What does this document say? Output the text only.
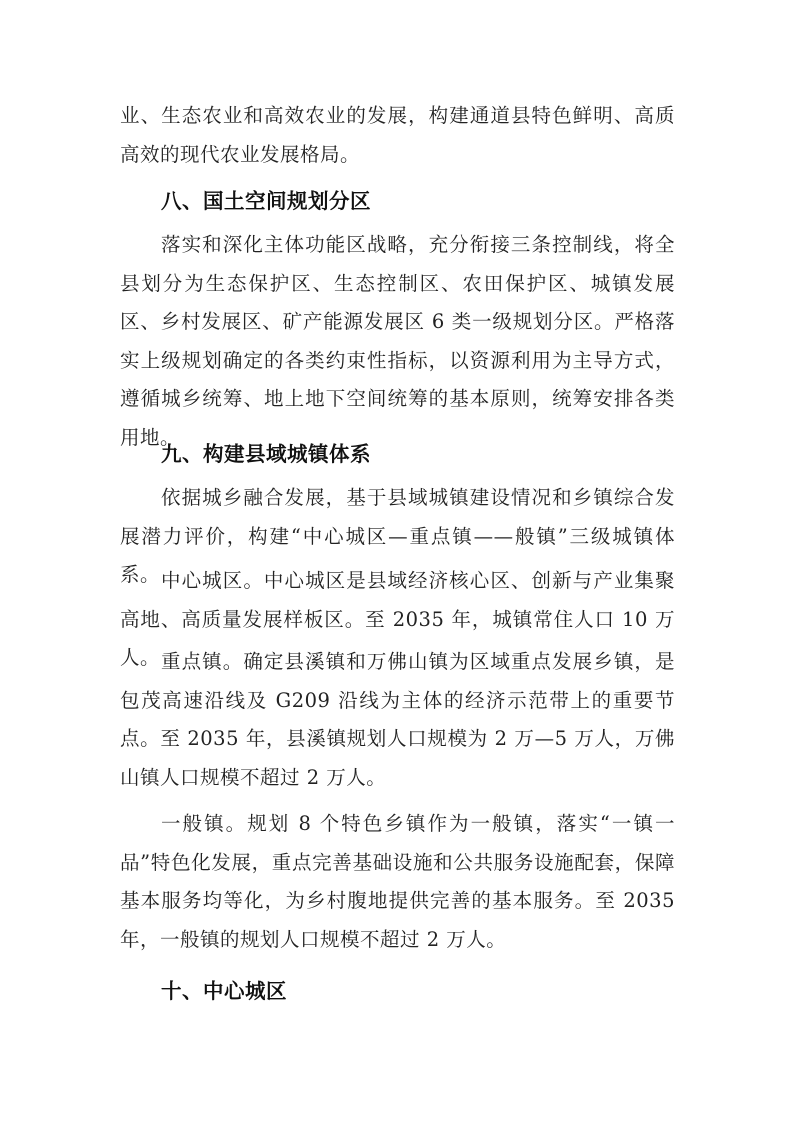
业、生态农业和高效农业的发展，构建通道县特色鲜明、高质高效的现代农业发展格局。

八、国土空间规划分区

落实和深化主体功能区战略，充分衔接三条控制线，将全县划分为生态保护区、生态控制区、农田保护区、城镇发展区、乡村发展区、矿产能源发展区 6 类一级规划分区。严格落实上级规划确定的各类约束性指标，以资源利用为主导方式，遵循城乡统筹、地上地下空间统筹的基本原则，统筹安排各类用地。

九、构建县域城镇体系

依据城乡融合发展，基于县域城镇建设情况和乡镇综合发展潜力评价，构建“中心城区—重点镇——般镇”三级城镇体系。 中心城区。中心城区是县域经济核心区、创新与产业集聚高地、高质量发展样板区。至 2035 年，城镇常住人口 10 万人。 重点镇。确定县溪镇和万佛山镇为区域重点发展乡镇，是包茂高速沿线及 G209 沿线为主体的经济示范带上的重要节点。至 2035 年，县溪镇规划人口规模为 2 万—5 万人，万佛山镇人口规模不超过 2 万人。

一般镇。规划 8 个特色乡镇作为一般镇，落实“一镇一品”特色化发展，重点完善基础设施和公共服务设施配套，保障基本服务均等化，为乡村腹地提供完善的基本服务。至 2035 年，一般镇的规划人口规模不超过 2 万人。

十、中心城区
